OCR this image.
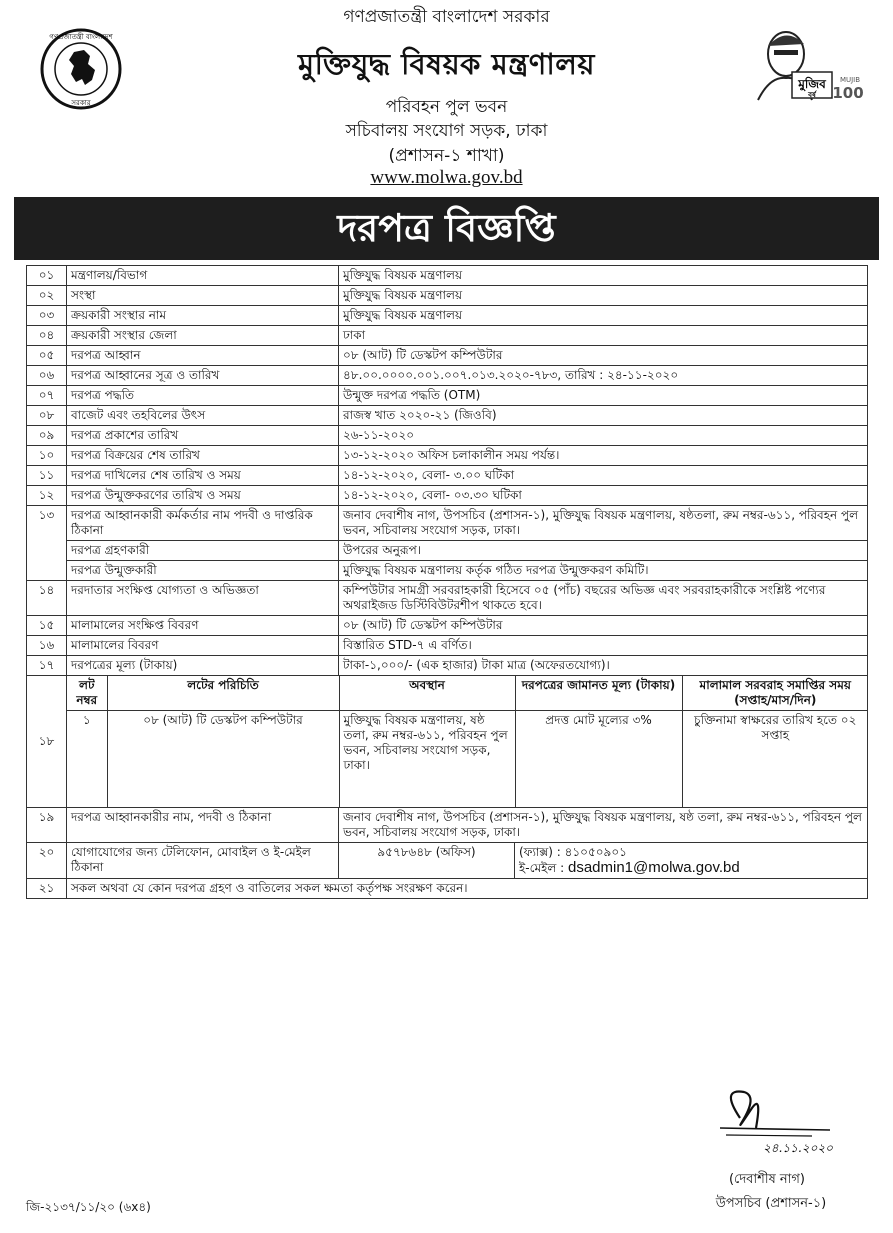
গণপ্রজাতন্ত্রী বাংলাদেশ
সরকার
গণপ্রজাতন্ত্রী বাংলাদেশ সরকার
মুক্তিযুদ্ধ বিষয়ক মন্ত্রণালয়
পরিবহন পুল ভবন
সচিবালয় সংযোগ সড়ক, ঢাকা
(প্রশাসন-১ শাখা)
www.molwa.gov.bd
মুজিব
বর্ষ
MUJIB
100
দরপত্র বিজ্ঞপ্তি
০১	মন্ত্রণালয়/বিভাগ	মুক্তিযুদ্ধ বিষয়ক মন্ত্রণালয়
০২	সংস্থা	মুক্তিযুদ্ধ বিষয়ক মন্ত্রণালয়
০৩	ক্রয়কারী সংস্থার নাম	মুক্তিযুদ্ধ বিষয়ক মন্ত্রণালয়
০৪	ক্রয়কারী সংস্থার জেলা	ঢাকা
০৫	দরপত্র আহ্বান	০৮ (আট) টি ডেস্কটপ কম্পিউটার
০৬	দরপত্র আহ্বানের সূত্র ও তারিখ	৪৮.০০.০০০০.০০১.০০৭.০১৩.২০২০-৭৮৩, তারিখ : ২৪-১১-২০২০
০৭	দরপত্র পদ্ধতি	উন্মুক্ত দরপত্র পদ্ধতি (OTM)
০৮	বাজেট এবং তহবিলের উৎস	রাজস্ব খাত ২০২০-২১ (জিওবি)
০৯	দরপত্র প্রকাশের তারিখ	২৬-১১-২০২০
১০	দরপত্র বিক্রয়ের শেষ তারিখ	১৩-১২-২০২০ অফিস চলাকালীন সময় পর্যন্ত।
১১	দরপত্র দাখিলের শেষ তারিখ ও সময়	১৪-১২-২০২০, বেলা- ৩.০০ ঘটিকা
১২	দরপত্র উন্মুক্তকরণের তারিখ ও সময়	১৪-১২-২০২০, বেলা- ০৩.৩০ ঘটিকা
১৩	দরপত্র আহ্বানকারী কর্মকর্তার নাম পদবী ও দাপ্তরিক ঠিকানা	জনাব দেবাশীষ নাগ, উপসচিব (প্রশাসন-১), মুক্তিযুদ্ধ বিষয়ক মন্ত্রণালয়, ষষ্ঠতলা, রুম নম্বর-৬১১, পরিবহন পুল ভবন, সচিবালয় সংযোগ সড়ক, ঢাকা।
দরপত্র গ্রহণকারী	উপরের অনুরূপ।
দরপত্র উন্মুক্তকারী	মুক্তিযুদ্ধ বিষয়ক মন্ত্রণালয় কর্তৃক গঠিত দরপত্র উন্মুক্তকরণ কমিটি।
১৪	দরদাতার সংক্ষিপ্ত যোগ্যতা ও অভিজ্ঞতা	কম্পিউটার সামগ্রী সরবরাহকারী হিসেবে ০৫ (পাঁচ) বছরের অভিজ্ঞ এবং সরবরাহকারীকে সংশ্লিষ্ট পণ্যের অথরাইজড ডিস্টিবিউটরশীপ থাকতে হবে।
১৫	মালামালের সংক্ষিপ্ত বিবরণ	০৮ (আট) টি ডেস্কটপ কম্পিউটার
১৬	মালামালের বিবরণ	বিস্তারিত STD-৭ এ বর্ণিত।
১৭	দরপত্রের মূল্য (টাকায়)	টাকা-১,০০০/- (এক হাজার) টাকা মাত্র (অফেরতযোগ্য)।
১৮	
লট নম্বর	লটের পরিচিতি	অবস্থান	দরপত্রের জামানত মূল্য (টাকায়)	মালামাল সরবরাহ সমাপ্তির সময় (সপ্তাহ/মাস/দিন)
১	০৮ (আট) টি ডেস্কটপ কম্পিউটার	মুক্তিযুদ্ধ বিষয়ক মন্ত্রণালয়, ষষ্ঠ তলা, রুম নম্বর-৬১১, পরিবহন পুল ভবন, সচিবালয় সংযোগ সড়ক, ঢাকা।	প্রদত্ত মোট মূল্যের ৩%	চুক্তিনামা স্বাক্ষরের তারিখ হতে ০২ সপ্তাহ

১৯	দরপত্র আহ্বানকারীর নাম, পদবী ও ঠিকানা	জনাব দেবাশীষ নাগ, উপসচিব (প্রশাসন-১), মুক্তিযুদ্ধ বিষয়ক মন্ত্রণালয়, ষষ্ঠ তলা, রুম নম্বর-৬১১, পরিবহন পুল ভবন, সচিবালয় সংযোগ সড়ক, ঢাকা।
২০	যোগাযোগের জন্য টেলিফোন, মোবাইল ও ই-মেইল ঠিকানা	৯৫৭৮৬৪৮ (অফিস)	(ফ্যাক্স) : ৪১০৫০৯০১
ই-মেইল : dsadmin1@molwa.gov.bd

২১	সকল অথবা যে কোন দরপত্র গ্রহণ ও বাতিলের সকল ক্ষমতা কর্তৃপক্ষ সংরক্ষণ করেন।
২৪.১১.২০২০
(দেবাশীষ নাগ)
উপসচিব (প্রশাসন-১)
জি-২১৩৭/১১/২০ (৬x৪)
